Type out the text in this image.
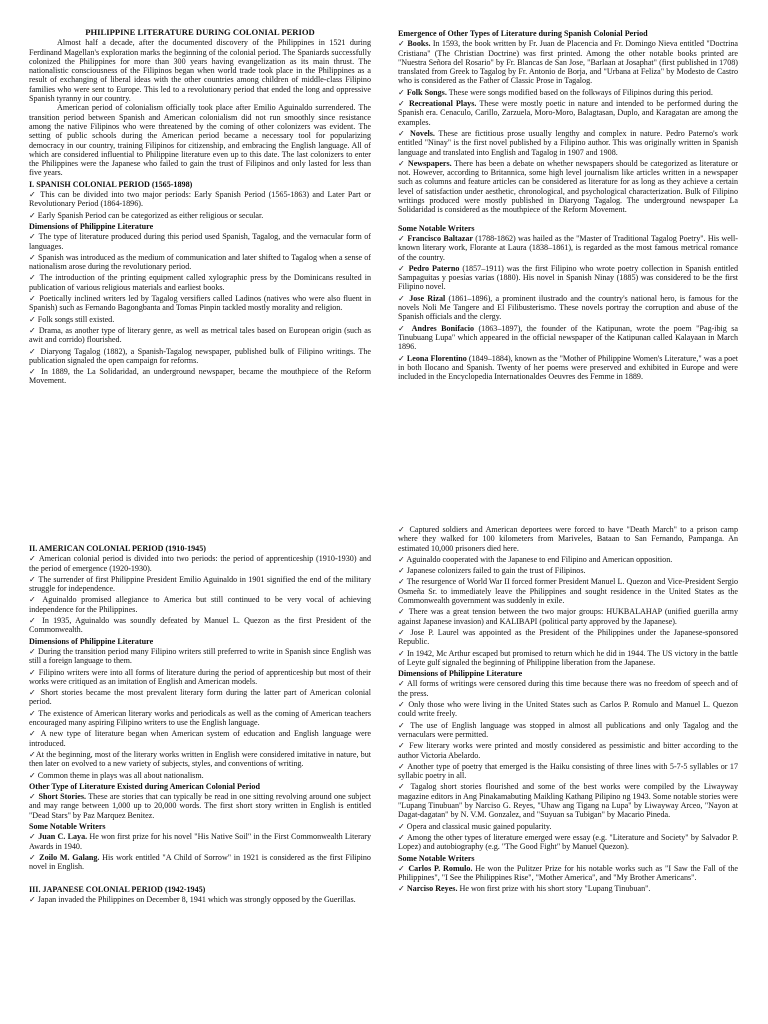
PHILIPPINE LITERATURE DURING COLONIAL PERIOD

Almost half a decade, after the documented discovery of the Philippines in 1521 during Ferdinand Magellan's exploration marks the beginning of the colonial period. The Spaniards successfully colonized the Philippines for more than 300 years having evangelization as its main thrust. The nationalistic consciousness of the Filipinos began when world trade took place in the Philippines as a result of exchanging of liberal ideas with the other countries among children of middle-class Filipino families who were sent to Europe. This led to a revolutionary period that ended the long and oppressive Spanish tyranny in our country.

American period of colonialism officially took place after Emilio Aguinaldo surrendered. The transition period between Spanish and American colonialism did not run smoothly since resistance among the native Filipinos who were threatened by the coming of other colonizers was evident. The setting of public schools during the American period became a necessary tool for popularizing democracy in our country, training Filipinos for citizenship, and embracing the English language. All of which are considered influential to Philippine literature even up to this date. The last colonizers to enter the Philippines were the Japanese who failed to gain the trust of Filipinos and only lasted for less than five years.

I. SPANISH COLONIAL PERIOD (1565-1898)

✓ This can be divided into two major periods: Early Spanish Period (1565-1863) and Later Part or Revolutionary Period (1864-1896).

✓ Early Spanish Period can be categorized as either religious or secular.

Dimensions of Philippine Literature

✓ The type of literature produced during this period used Spanish, Tagalog, and the vernacular form of languages.

✓ Spanish was introduced as the medium of communication and later shifted to Tagalog when a sense of nationalism arose during the revolutionary period.

✓ The introduction of the printing equipment called xylographic press by the Dominicans resulted in publication of various religious materials and earliest books.

✓ Poetically inclined writers led by Tagalog versifiers called Ladinos (natives who were also fluent in Spanish) such as Fernando Bagongbanta and Tomas Pinpin tackled mostly morality and religion.

✓ Folk songs still existed.

✓ Drama, as another type of literary genre, as well as metrical tales based on European origin (such as awit and corrido) flourished.

✓ Diaryong Tagalog (1882), a Spanish-Tagalog newspaper, published bulk of Filipino writings. The publication signaled the open campaign for reforms.

✓ In 1889, the La Solidaridad, an underground newspaper, became the mouthpiece of the Reform Movement.

Emergence of Other Types of Literature during Spanish Colonial Period

✓ Books. In 1593, the book written by Fr. Juan de Placencia and Fr. Domingo Nieva entitled "Doctrina Cristiana" (The Christian Doctrine) was first printed. Among the other notable books printed are "Nuestra Señora del Rosario" by Fr. Blancas de San Jose, "Barlaan at Josaphat" (first published in 1708) translated from Greek to Tagalog by Fr. Antonio de Borja, and "Urbana at Feliza" by Modesto de Castro who is considered as the Father of Classic Prose in Tagalog.

✓ Folk Songs. These were songs modified based on the folkways of Filipinos during this period.

✓ Recreational Plays. These were mostly poetic in nature and intended to be performed during the Spanish era. Cenaculo, Carillo, Zarzuela, Moro-Moro, Balagtasan, Duplo, and Karagatan are among the examples.

✓ Novels. These are fictitious prose usually lengthy and complex in nature. Pedro Paterno's work entitled "Ninay" is the first novel published by a Filipino author. This was originally written in Spanish language and translated into English and Tagalog in 1907 and 1908.

✓ Newspapers. There has been a debate on whether newspapers should be categorized as literature or not. However, according to Britannica, some high level journalism like articles written in a newspaper such as columns and feature articles can be considered as literature for as long as they achieve a certain level of satisfaction under aesthetic, chronological, and psychological characterization. Bulk of Filipino writings produced were mostly published in Diaryong Tagalog. The underground newspaper La Solidaridad is considered as the mouthpiece of the Reform Movement.

Some Notable Writers

✓ Francisco Baltazar (1788-1862) was hailed as the "Master of Traditional Tagalog Poetry". His well-known literary work, Florante at Laura (1838–1861), is regarded as the most famous metrical romance of the country.

✓ Pedro Paterno (1857–1911) was the first Filipino who wrote poetry collection in Spanish entitled Sampaguitas y poesías varias (1880). His novel in Spanish Ninay (1885) was considered to be the first Filipino novel.

✓ Jose Rizal (1861–1896), a prominent ilustrado and the country's national hero, is famous for the novels Noli Me Tangere and El Filibusterismo. These novels portray the corruption and abuse of the Spanish officials and the clergy.

✓ Andres Bonifacio (1863–1897), the founder of the Katipunan, wrote the poem "Pag-ibig sa Tinubuang Lupa" which appeared in the official newspaper of the Katipunan called Kalayaan in March 1896.

✓ Leona Florentino (1849–1884), known as the "Mother of Philippine Women's Literature," was a poet in both Ilocano and Spanish. Twenty of her poems were preserved and exhibited in Europe and were included in the Encyclopedia Internationaldes Oeuvres des Femme in 1889.

II. AMERICAN COLONIAL PERIOD (1910-1945)

✓ American colonial period is divided into two periods: the period of apprenticeship (1910-1930) and the period of emergence (1920-1930).

✓ The surrender of first Philippine President Emilio Aguinaldo in 1901 signified the end of the military struggle for independence.

✓ Aguinaldo promised allegiance to America but still continued to be very vocal of achieving independence for the Philippines.

✓ In 1935, Aguinaldo was soundly defeated by Manuel L. Quezon as the first President of the Commonwealth.

Dimensions of Philippine Literature

✓ During the transition period many Filipino writers still preferred to write in Spanish since English was still a foreign language to them.

✓ Filipino writers were into all forms of literature during the period of apprenticeship but most of their works were critiqued as an imitation of English and American models.

✓ Short stories became the most prevalent literary form during the latter part of American colonial period.

✓ The existence of American literary works and periodicals as well as the coming of American teachers encouraged many aspiring Filipino writers to use the English language.

✓ A new type of literature began when American system of education and English language were introduced.

✓At the beginning, most of the literary works written in English were considered imitative in nature, but then later on evolved to a new variety of subjects, styles, and conventions of writing.

✓ Common theme in plays was all about nationalism.

Other Type of Literature Existed during American Colonial Period

✓ Short Stories. These are stories that can typically be read in one sitting revolving around one subject and may range between 1,000 up to 20,000 words. The first short story written in English is entitled "Dead Stars" by Paz Marquez Benitez.

Some Notable Writers

✓ Juan C. Laya. He won first prize for his novel "His Native Soil" in the First Commonwealth Literary Awards in 1940.

✓ Zoilo M. Galang. His work entitled "A Child of Sorrow" in 1921 is considered as the first Filipino novel in English.

III. JAPANESE COLONIAL PERIOD (1942-1945)

✓ Japan invaded the Philippines on December 8, 1941 which was strongly opposed by the Guerillas.

✓ Captured soldiers and American deportees were forced to have "Death March" to a prison camp where they walked for 100 kilometers from Mariveles, Bataan to San Fernando, Pampanga. An estimated 10,000 prisoners died here.

✓ Aguinaldo cooperated with the Japanese to end Filipino and American opposition.

✓ Japanese colonizers failed to gain the trust of Filipinos.

✓ The resurgence of World War II forced former President Manuel L. Quezon and Vice-President Sergio Osmeña Sr. to immediately leave the Philippines and sought residence in the United States as the Commonwealth government was suddenly in exile.

✓ There was a great tension between the two major groups: HUKBALAHAP (unified guerilla army against Japanese invasion) and KALIBAPI (political party approved by the Japanese).

✓ Jose P. Laurel was appointed as the President of the Philippines under the Japanese-sponsored Republic.

✓ In 1942, Mc Arthur escaped but promised to return which he did in 1944. The US victory in the battle of Leyte gulf signaled the beginning of Philippine liberation from the Japanese.

Dimensions of Philippine Literature

✓ All forms of writings were censored during this time because there was no freedom of speech and of the press.

✓ Only those who were living in the United States such as Carlos P. Romulo and Manuel L. Quezon could write freely.

✓ The use of English language was stopped in almost all publications and only Tagalog and the vernaculars were permitted.

✓ Few literary works were printed and mostly considered as pessimistic and bitter according to the author Victoria Abelardo.

✓ Another type of poetry that emerged is the Haiku consisting of three lines with 5-7-5 syllables or 17 syllabic poetry in all.

✓ Tagalog short stories flourished and some of the best works were compiled by the Liwayway magazine editors in Ang Pinakamabuting Maikling Kathang Pilipino ng 1943. Some notable stories were "Lupang Tinubuan" by Narciso G. Reyes, "Uhaw ang Tigang na Lupa" by Liwayway Arceo, "Nayon at Dagat-dagatan" by N. V.M. Gonzalez, and "Suyuan sa Tubigan" by Macario Pineda.

✓ Opera and classical music gained popularity.

✓ Among the other types of literature emerged were essay (e.g. "Literature and Society" by Salvador P. Lopez) and autobiography (e.g. "The Good Fight" by Manuel Quezon).

Some Notable Writers

✓ Carlos P. Romulo. He won the Pulitzer Prize for his notable works such as "I Saw the Fall of the Philippines", "I See the Philippines Rise", "Mother America", and "My Brother Americans".

✓ Narciso Reyes. He won first prize with his short story "Lupang Tinubuan".
